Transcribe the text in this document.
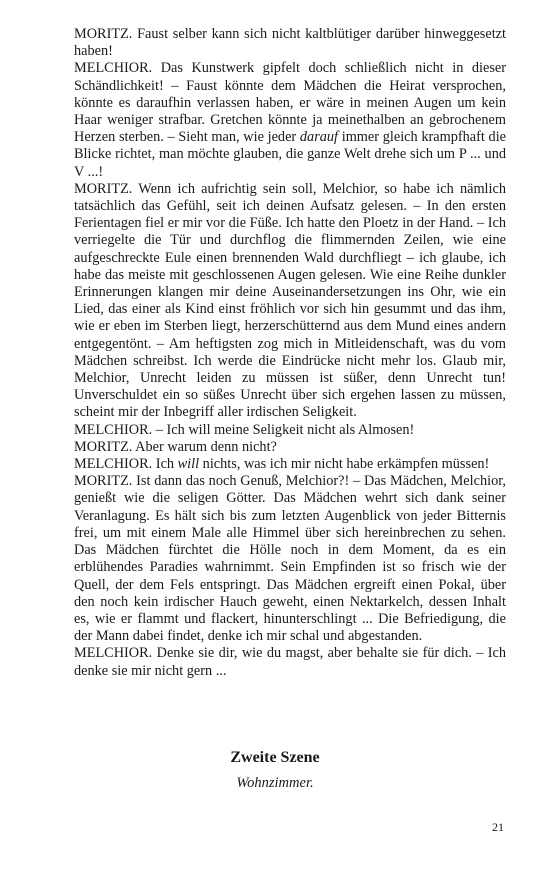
MORITZ. Faust selber kann sich nicht kaltblütiger darüber hinweggesetzt haben!

MELCHIOR. Das Kunstwerk gipfelt doch schließlich nicht in dieser Schändlichkeit! – Faust könnte dem Mädchen die Heirat versprochen, könnte es daraufhin verlassen haben, er wäre in meinen Augen um kein Haar weniger strafbar. Gretchen könnte ja meinethalben an gebrochenem Herzen sterben. – Sieht man, wie jeder darauf immer gleich krampfhaft die Blicke richtet, man möchte glauben, die ganze Welt drehe sich um P ... und V ...!

MORITZ. Wenn ich aufrichtig sein soll, Melchior, so habe ich nämlich tatsächlich das Gefühl, seit ich deinen Aufsatz gelesen. – In den ersten Ferientagen fiel er mir vor die Füße. Ich hatte den Ploetz in der Hand. – Ich verriegelte die Tür und durchflog die flimmernden Zeilen, wie eine aufgeschreckte Eule einen brennenden Wald durchfliegt – ich glaube, ich habe das meiste mit geschlossenen Augen gelesen. Wie eine Reihe dunkler Erinnerungen klangen mir deine Auseinandersetzungen ins Ohr, wie ein Lied, das einer als Kind einst fröhlich vor sich hin gesummt und das ihm, wie er eben im Sterben liegt, herzerschütternd aus dem Mund eines andern entgegentönt. – Am heftigsten zog mich in Mitleidenschaft, was du vom Mädchen schreibst. Ich werde die Eindrücke nicht mehr los. Glaub mir, Melchior, Unrecht leiden zu müssen ist süßer, denn Unrecht tun! Unverschuldet ein so süßes Unrecht über sich ergehen lassen zu müssen, scheint mir der Inbegriff aller irdischen Seligkeit.

MELCHIOR. – Ich will meine Seligkeit nicht als Almosen!

MORITZ. Aber warum denn nicht?

MELCHIOR. Ich will nichts, was ich mir nicht habe erkämpfen müssen!

MORITZ. Ist dann das noch Genuß, Melchior?! – Das Mädchen, Melchior, genießt wie die seligen Götter. Das Mädchen wehrt sich dank seiner Veranlagung. Es hält sich bis zum letzten Augenblick von jeder Bitternis frei, um mit einem Male alle Himmel über sich hereinbrechen zu sehen. Das Mädchen fürchtet die Hölle noch in dem Moment, da es ein erblühendes Paradies wahrnimmt. Sein Empfinden ist so frisch wie der Quell, der dem Fels entspringt. Das Mädchen ergreift einen Pokal, über den noch kein irdischer Hauch geweht, einen Nektarkelch, dessen Inhalt es, wie er flammt und flackert, hinunterschlingt ... Die Befriedigung, die der Mann dabei findet, denke ich mir schal und abgestanden.

MELCHIOR. Denke sie dir, wie du magst, aber behalte sie für dich. – Ich denke sie mir nicht gern ...

Zweite Szene
Wohnzimmer.
21
